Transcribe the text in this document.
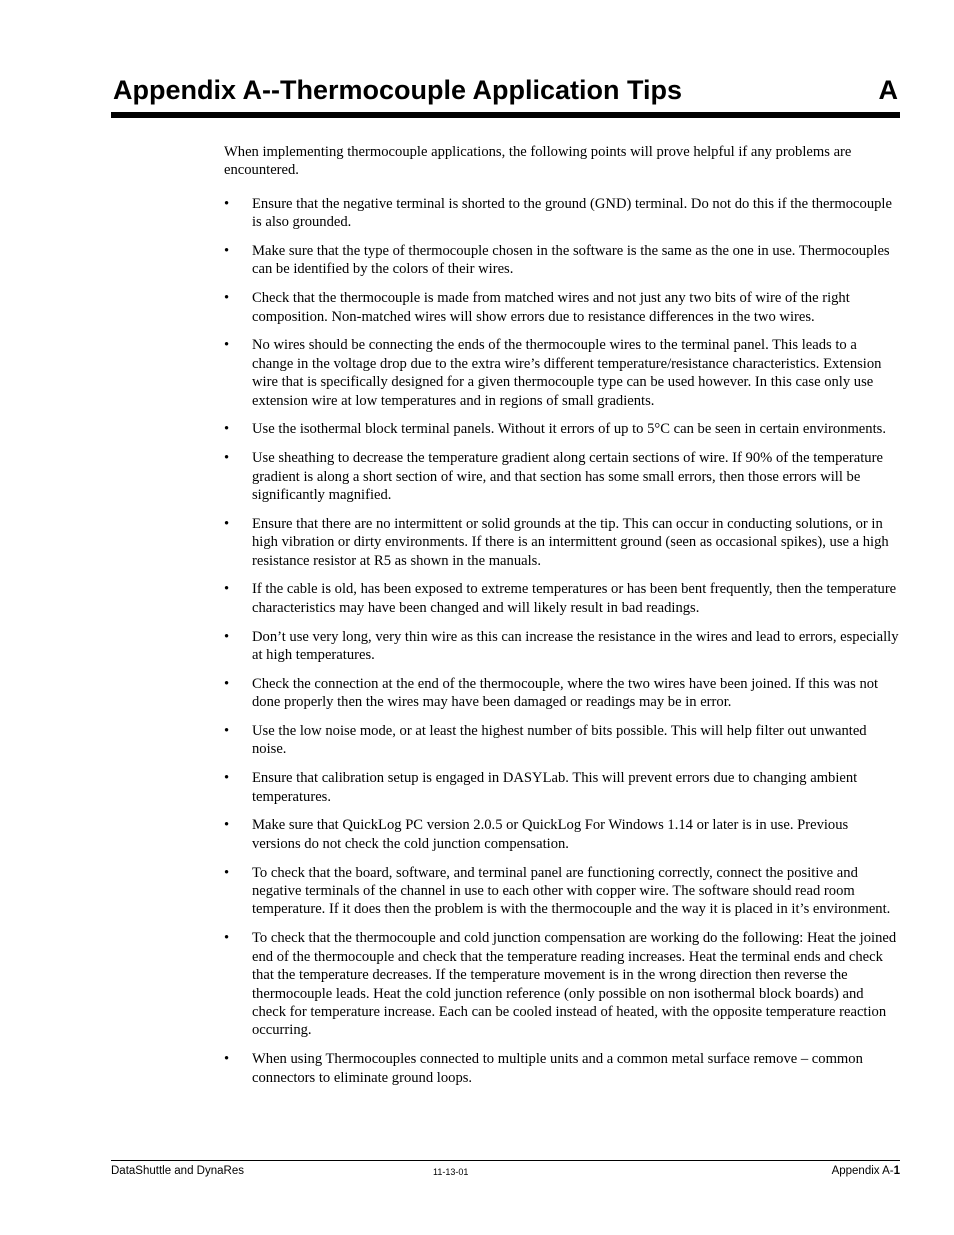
Appendix A--Thermocouple Application Tips	A

When implementing thermocouple applications, the following points will prove helpful if any problems are encountered.

• Ensure that the negative terminal is shorted to the ground (GND) terminal. Do not do this if the thermocouple is also grounded.
• Make sure that the type of thermocouple chosen in the software is the same as the one in use. Thermocouples can be identified by the colors of their wires.
• Check that the thermocouple is made from matched wires and not just any two bits of wire of the right composition. Non-matched wires will show errors due to resistance differences in the two wires.
• No wires should be connecting the ends of the thermocouple wires to the terminal panel. This leads to a change in the voltage drop due to the extra wire’s different temperature/resistance characteristics. Extension wire that is specifically designed for a given thermocouple type can be used however. In this case only use extension wire at low temperatures and in regions of small gradients.
• Use the isothermal block terminal panels. Without it errors of up to 5°C can be seen in certain environments.
• Use sheathing to decrease the temperature gradient along certain sections of wire. If 90% of the temperature gradient is along a short section of wire, and that section has some small errors, then those errors will be significantly magnified.
• Ensure that there are no intermittent or solid grounds at the tip. This can occur in conducting solutions, or in high vibration or dirty environments. If there is an intermittent ground (seen as occasional spikes), use a high resistance resistor at R5 as shown in the manuals.
• If the cable is old, has been exposed to extreme temperatures or has been bent frequently, then the temperature characteristics may have been changed and will likely result in bad readings.
• Don’t use very long, very thin wire as this can increase the resistance in the wires and lead to errors, especially at high temperatures.
• Check the connection at the end of the thermocouple, where the two wires have been joined. If this was not done properly then the wires may have been damaged or readings may be in error.
• Use the low noise mode, or at least the highest number of bits possible. This will help filter out unwanted noise.
• Ensure that calibration setup is engaged in DASYLab. This will prevent errors due to changing ambient temperatures.
• Make sure that QuickLog PC version 2.0.5 or QuickLog For Windows 1.14 or later is in use. Previous versions do not check the cold junction compensation.
• To check that the board, software, and terminal panel are functioning correctly, connect the positive and negative terminals of the channel in use to each other with copper wire. The software should read room temperature. If it does then the problem is with the thermocouple and the way it is placed in it’s environment.
• To check that the thermocouple and cold junction compensation are working do the following: Heat the joined end of the thermocouple and check that the temperature reading increases. Heat the terminal ends and check that the temperature decreases. If the temperature movement is in the wrong direction then reverse the thermocouple leads. Heat the cold junction reference (only possible on non isothermal block boards) and check for temperature increase. Each can be cooled instead of heated, with the opposite temperature reaction occurring.
• When using Thermocouples connected to multiple units and a common metal surface remove – common connectors to eliminate ground loops.
DataShuttle and DynaRes	11-13-01	Appendix A-1
